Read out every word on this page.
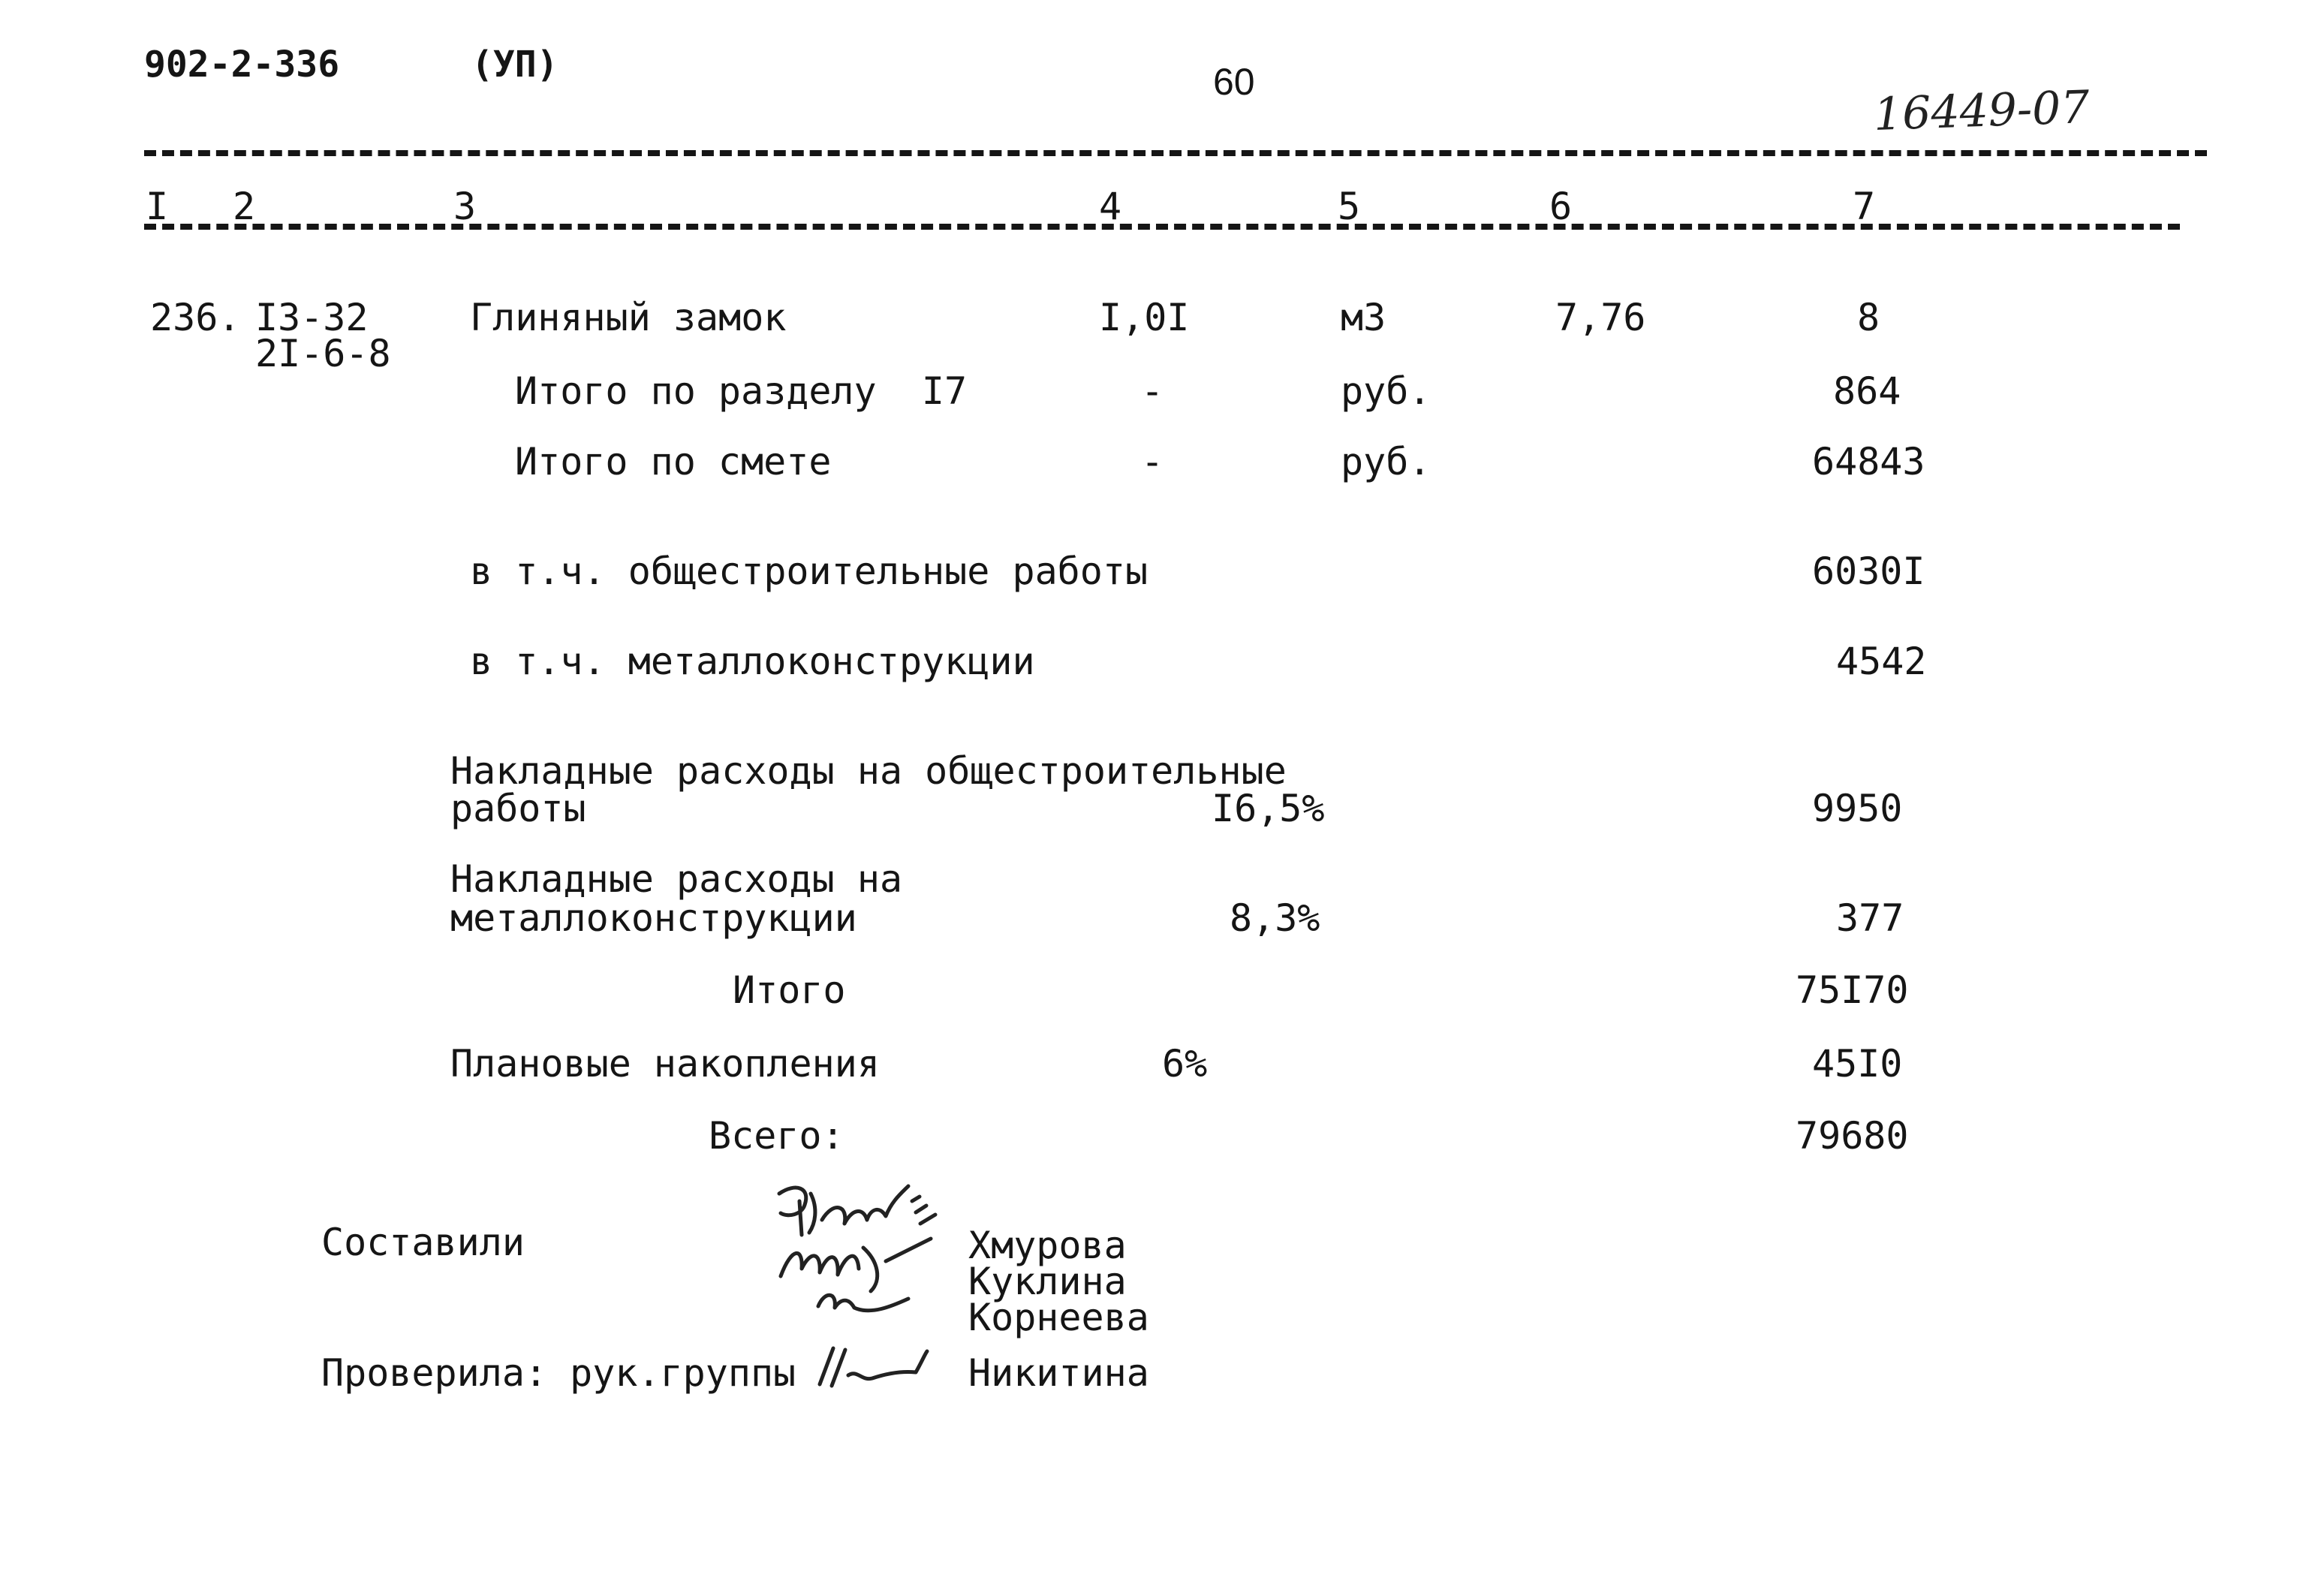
902-2-336	(УП)	60	16449-07
I 2	3	4	5	6	7
236. I3-32
2I-6-8
Глиняный замок	I,0I	м3	7,76	8
Итого по разделу  I7	-	руб.	864
Итого по смете	-	руб.	64843
в т.ч. общестроительные работы	6030I
в т.ч. металлоконструкции	4542
Накладные расходы на общестроительные
работы	I6,5%	9950
Накладные расходы на
металлоконструкции	8,3%	377
Итого	75I70
Плановые накопления	6%	45I0
Всего:	79680
Составили	Хмурова
Куклина
Корнеева
Проверила: рук.группы	Никитина
